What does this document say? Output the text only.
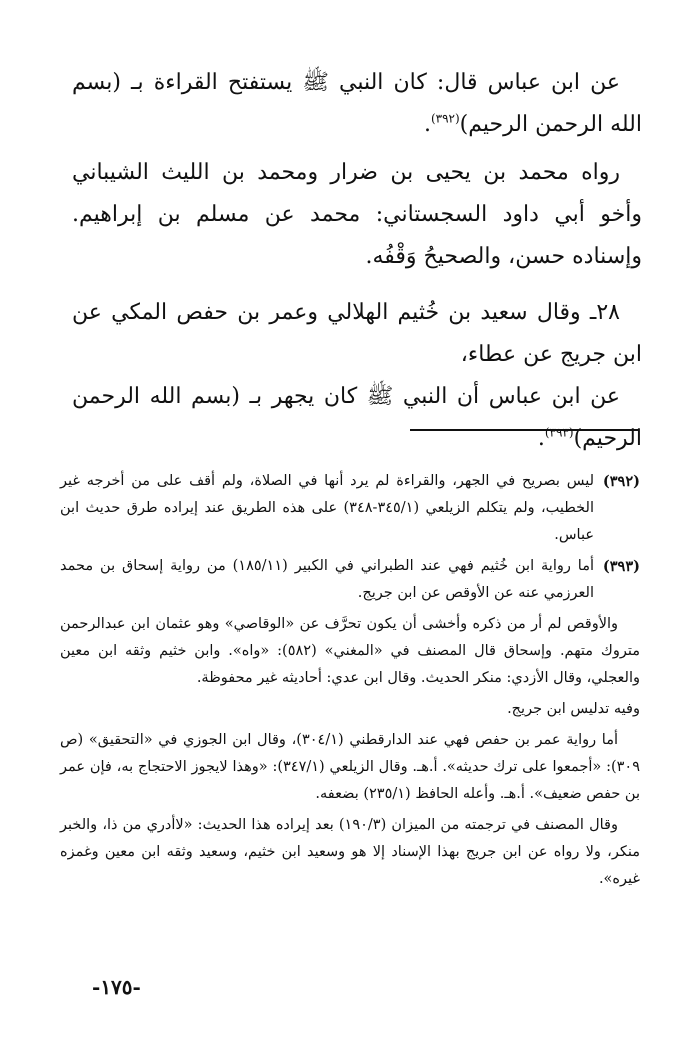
عن ابن عباس قال: كان النبي ﷺ يستفتح القراءة بـ (بسم الله الرحمن الرحيم)$^{(٣٩٢)}$.

رواه محمد بن يحيى بن ضرار ومحمد بن الليث الشيباني وأخو أبي داود السجستاني: محمد عن مسلم بن إبراهيم. وإسناده حسن، والصحيحُ وَقْفُه.

٢٨ـ وقال سعيد بن خُثيم الهلالي وعمر بن حفص المكي عن ابن جريج عن عطاء،

عن ابن عباس أن النبي ﷺ كان يجهر بـ (بسم الله الرحمن الرحيم)$^{(٣٩٣)}$.

(٣٩٢)
ليس بصريح في الجهر، والقراءة لم يرد أنها في الصلاة، ولم أقف على من أخرجه غير الخطيب، ولم يتكلم الزيلعي (٣٤٥/١-٣٤٨) على هذه الطريق عند إيراده طرق حديث ابن عباس.
(٣٩٣)
أما رواية ابن خُثيم فهي عند الطبراني في الكبير (١٨٥/١١) من رواية إسحاق بن محمد العرزمي عنه عن الأوقص عن ابن جريج.

والأوقص لم أر من ذكره وأخشى أن يكون تحرَّف عن «الوقاصي» وهو عثمان ابن عبدالرحمن متروك متهم. وإسحاق قال المصنف في «المغني» (٥٨٢): «واه». وابن خثيم وثقه ابن معين والعجلي، وقال الأزدي: منكر الحديث. وقال ابن عدي: أحاديثه غير محفوظة.

وفيه تدليس ابن جريج.

أما رواية عمر بن حفص فهي عند الدارقطني (٣٠٤/١)، وقال ابن الجوزي في «التحقيق» (ص ٣٠٩): «أجمعوا على ترك حديثه». أ.هـ. وقال الزيلعي (٣٤٧/١): «وهذا لايجوز الاحتجاج به، فإن عمر بن حفص ضعيف». أ.هـ. وأعله الحافظ (٢٣٥/١) بضعفه.

وقال المصنف في ترجمته من الميزان (١٩٠/٣) بعد إيراده هذا الحديث: «لاأدري من ذا، والخبر منكر، ولا رواه عن ابن جريج بهذا الإسناد إلا هو وسعيد ابن خثيم، وسعيد وثقه ابن معين وغمزه غيره».

-١٧٥-
